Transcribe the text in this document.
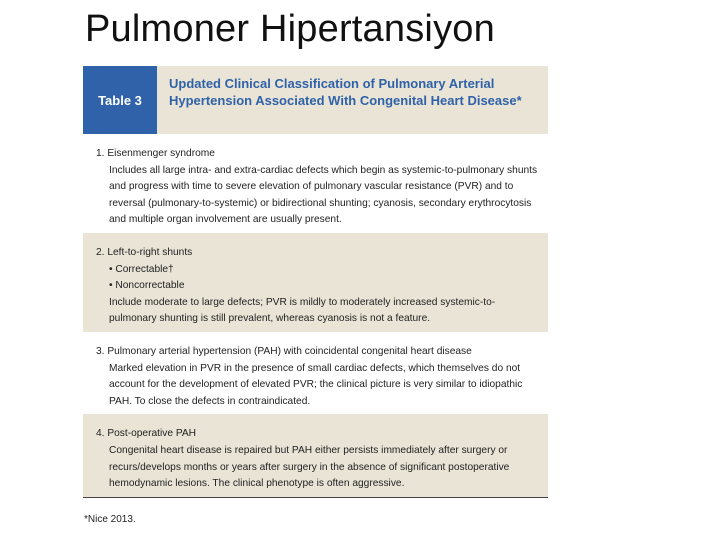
Pulmoner Hipertansiyon
Table 3
Updated Clinical Classification of Pulmonary Arterial Hypertension Associated With Congenital Heart Disease*
1. Eisenmenger syndrome
Includes all large intra- and extra-cardiac defects which begin as systemic-to-pulmonary shunts and progress with time to severe elevation of pulmonary vascular resistance (PVR) and to reversal (pulmonary-to-systemic) or bidirectional shunting; cyanosis, secondary erythrocytosis and multiple organ involvement are usually present.
2. Left-to-right shunts
• Correctable†
• Noncorrectable
Include moderate to large defects; PVR is mildly to moderately increased systemic-to-pulmonary shunting is still prevalent, whereas cyanosis is not a feature.
3. Pulmonary arterial hypertension (PAH) with coincidental congenital heart disease
Marked elevation in PVR in the presence of small cardiac defects, which themselves do not account for the development of elevated PVR; the clinical picture is very similar to idiopathic PAH. To close the defects in contraindicated.
4. Post-operative PAH
Congenital heart disease is repaired but PAH either persists immediately after surgery or recurs/develops months or years after surgery in the absence of significant postoperative hemodynamic lesions. The clinical phenotype is often aggressive.
*Nice 2013.
